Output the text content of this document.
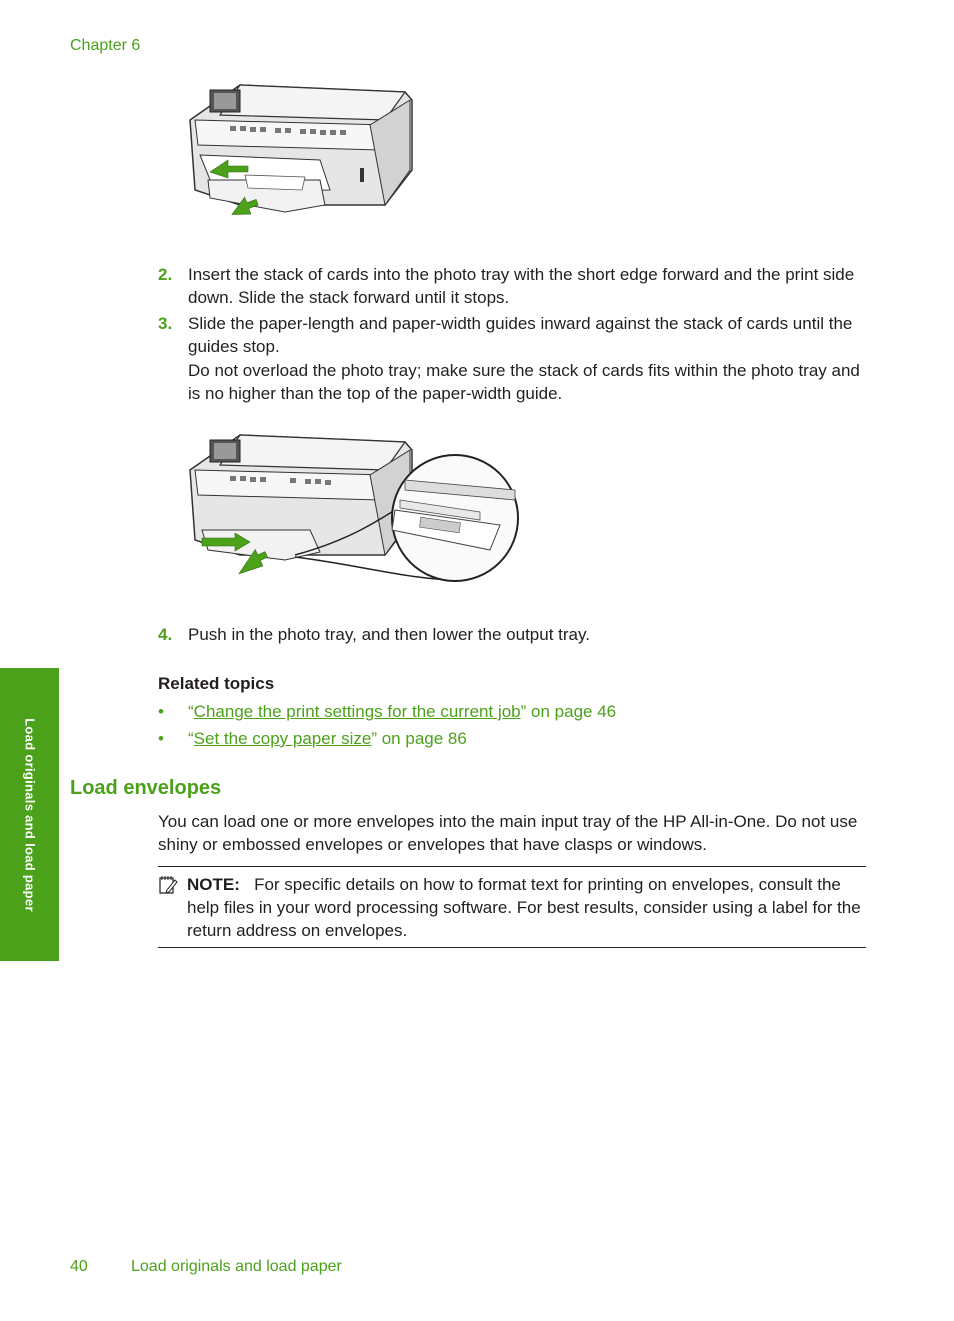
Chapter 6
Load originals and load paper
2. Insert the stack of cards into the photo tray with the short edge forward and the print side down. Slide the stack forward until it stops.
3. Slide the paper-length and paper-width guides inward against the stack of cards until the guides stop.
Do not overload the photo tray; make sure the stack of cards fits within the photo tray and is no higher than the top of the paper-width guide.
4. Push in the photo tray, and then lower the output tray.
Related topics
• “Change the print settings for the current job” on page 46
• “Set the copy paper size” on page 86
Load envelopes
You can load one or more envelopes into the main input tray of the HP All-in-One. Do not use shiny or embossed envelopes or envelopes that have clasps or windows.
NOTE: For specific details on how to format text for printing on envelopes, consult the help files in your word processing software. For best results, consider using a label for the return address on envelopes.
40	Load originals and load paper
